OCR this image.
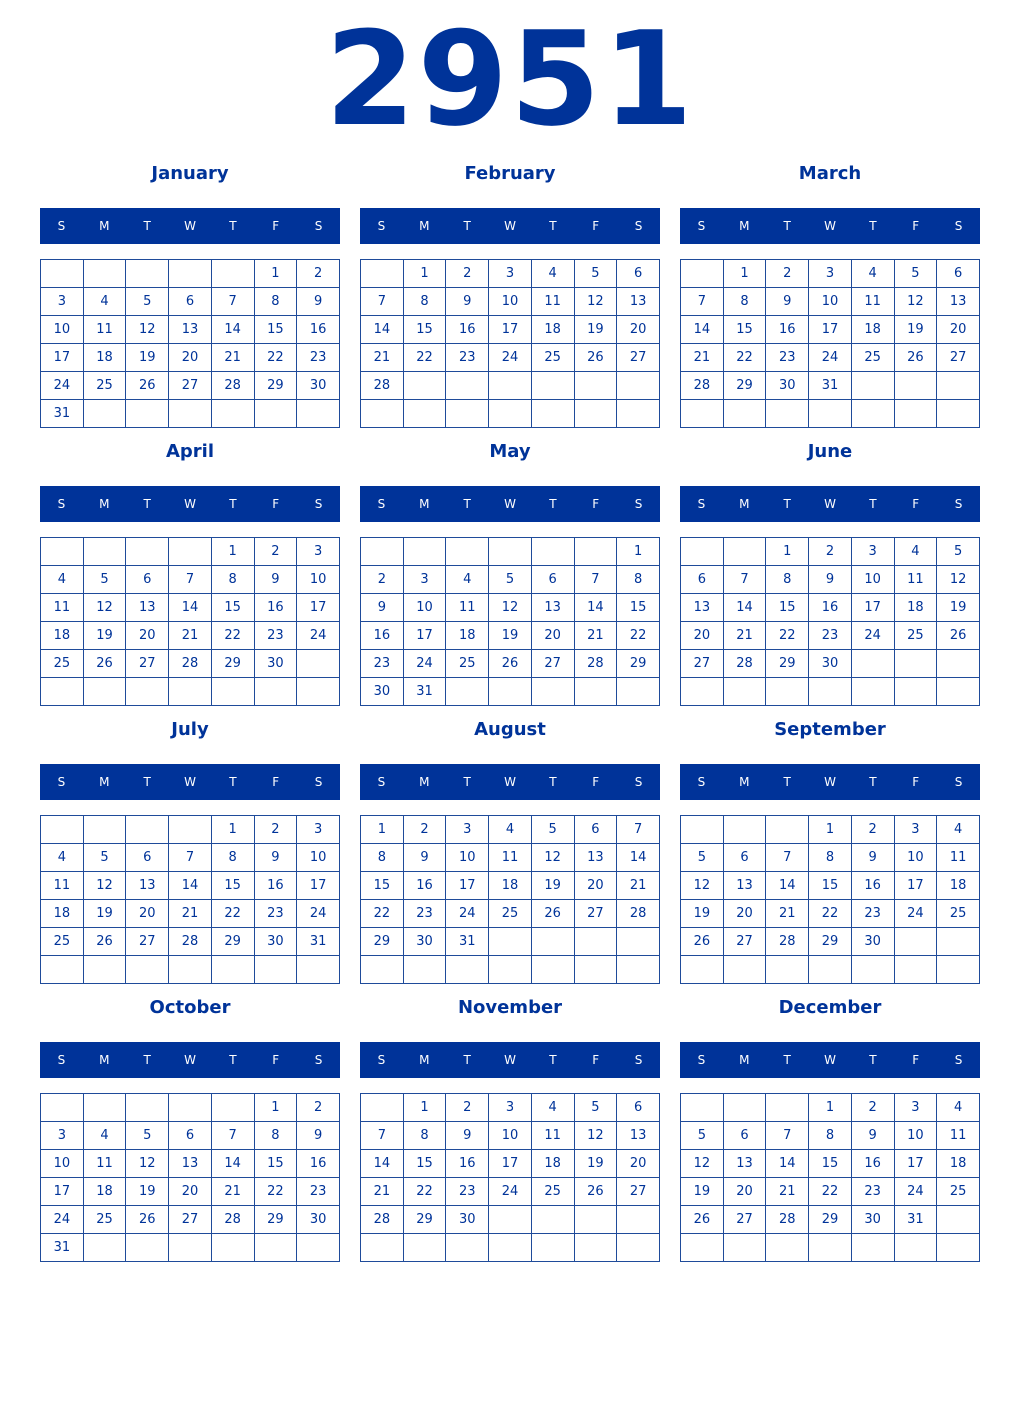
2951
January
S	M	T	W	T	F	S
					1	2
3	4	5	6	7	8	9
10	11	12	13	14	15	16
17	18	19	20	21	22	23
24	25	26	27	28	29	30
31						
February
S	M	T	W	T	F	S
	1	2	3	4	5	6
7	8	9	10	11	12	13
14	15	16	17	18	19	20
21	22	23	24	25	26	27
28						

March
S	M	T	W	T	F	S
	1	2	3	4	5	6
7	8	9	10	11	12	13
14	15	16	17	18	19	20
21	22	23	24	25	26	27
28	29	30	31			

April
S	M	T	W	T	F	S
				1	2	3
4	5	6	7	8	9	10
11	12	13	14	15	16	17
18	19	20	21	22	23	24
25	26	27	28	29	30	

May
S	M	T	W	T	F	S
						1
2	3	4	5	6	7	8
9	10	11	12	13	14	15
16	17	18	19	20	21	22
23	24	25	26	27	28	29
30	31					
June
S	M	T	W	T	F	S
		1	2	3	4	5
6	7	8	9	10	11	12
13	14	15	16	17	18	19
20	21	22	23	24	25	26
27	28	29	30			

July
S	M	T	W	T	F	S
				1	2	3
4	5	6	7	8	9	10
11	12	13	14	15	16	17
18	19	20	21	22	23	24
25	26	27	28	29	30	31

August
S	M	T	W	T	F	S
1	2	3	4	5	6	7
8	9	10	11	12	13	14
15	16	17	18	19	20	21
22	23	24	25	26	27	28
29	30	31				

September
S	M	T	W	T	F	S
			1	2	3	4
5	6	7	8	9	10	11
12	13	14	15	16	17	18
19	20	21	22	23	24	25
26	27	28	29	30		

October
S	M	T	W	T	F	S
					1	2
3	4	5	6	7	8	9
10	11	12	13	14	15	16
17	18	19	20	21	22	23
24	25	26	27	28	29	30
31						
November
S	M	T	W	T	F	S
	1	2	3	4	5	6
7	8	9	10	11	12	13
14	15	16	17	18	19	20
21	22	23	24	25	26	27
28	29	30				

December
S	M	T	W	T	F	S
			1	2	3	4
5	6	7	8	9	10	11
12	13	14	15	16	17	18
19	20	21	22	23	24	25
26	27	28	29	30	31	
